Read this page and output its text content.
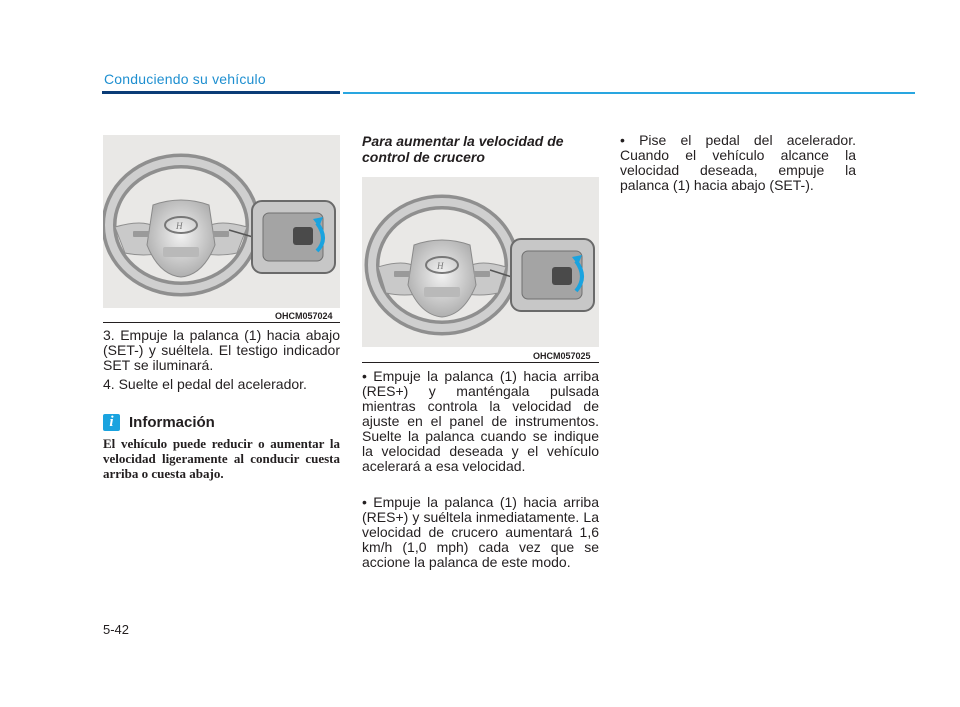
Conduciendo su vehículo
H
OHCM057024
3. Empuje la palanca (1) hacia abajo (SET-) y suéltela. El testigo indicador SET se iluminará.
4. Suelte el pedal del acelerador.
i	Información
El vehículo puede reducir o aumentar la velocidad ligeramente al conducir cuesta arriba o cuesta abajo.
Para aumentar la velocidad de control de crucero
H
OHCM057025
• Empuje la palanca (1) hacia arriba (RES+) y manténgala pulsada mientras controla la velocidad de ajuste en el panel de instrumentos. Suelte la palanca cuando se indique la velocidad deseada y el vehículo acelerará a esa velocidad.
• Empuje la palanca (1) hacia arriba (RES+) y suéltela inmediatamente. La velocidad de crucero aumentará 1,6 km/h (1,0 mph) cada vez que se accione la palanca de este modo.
• Pise el pedal del acelerador. Cuando el vehículo alcance la velocidad deseada, empuje la palanca (1) hacia abajo (SET-).
5-42
